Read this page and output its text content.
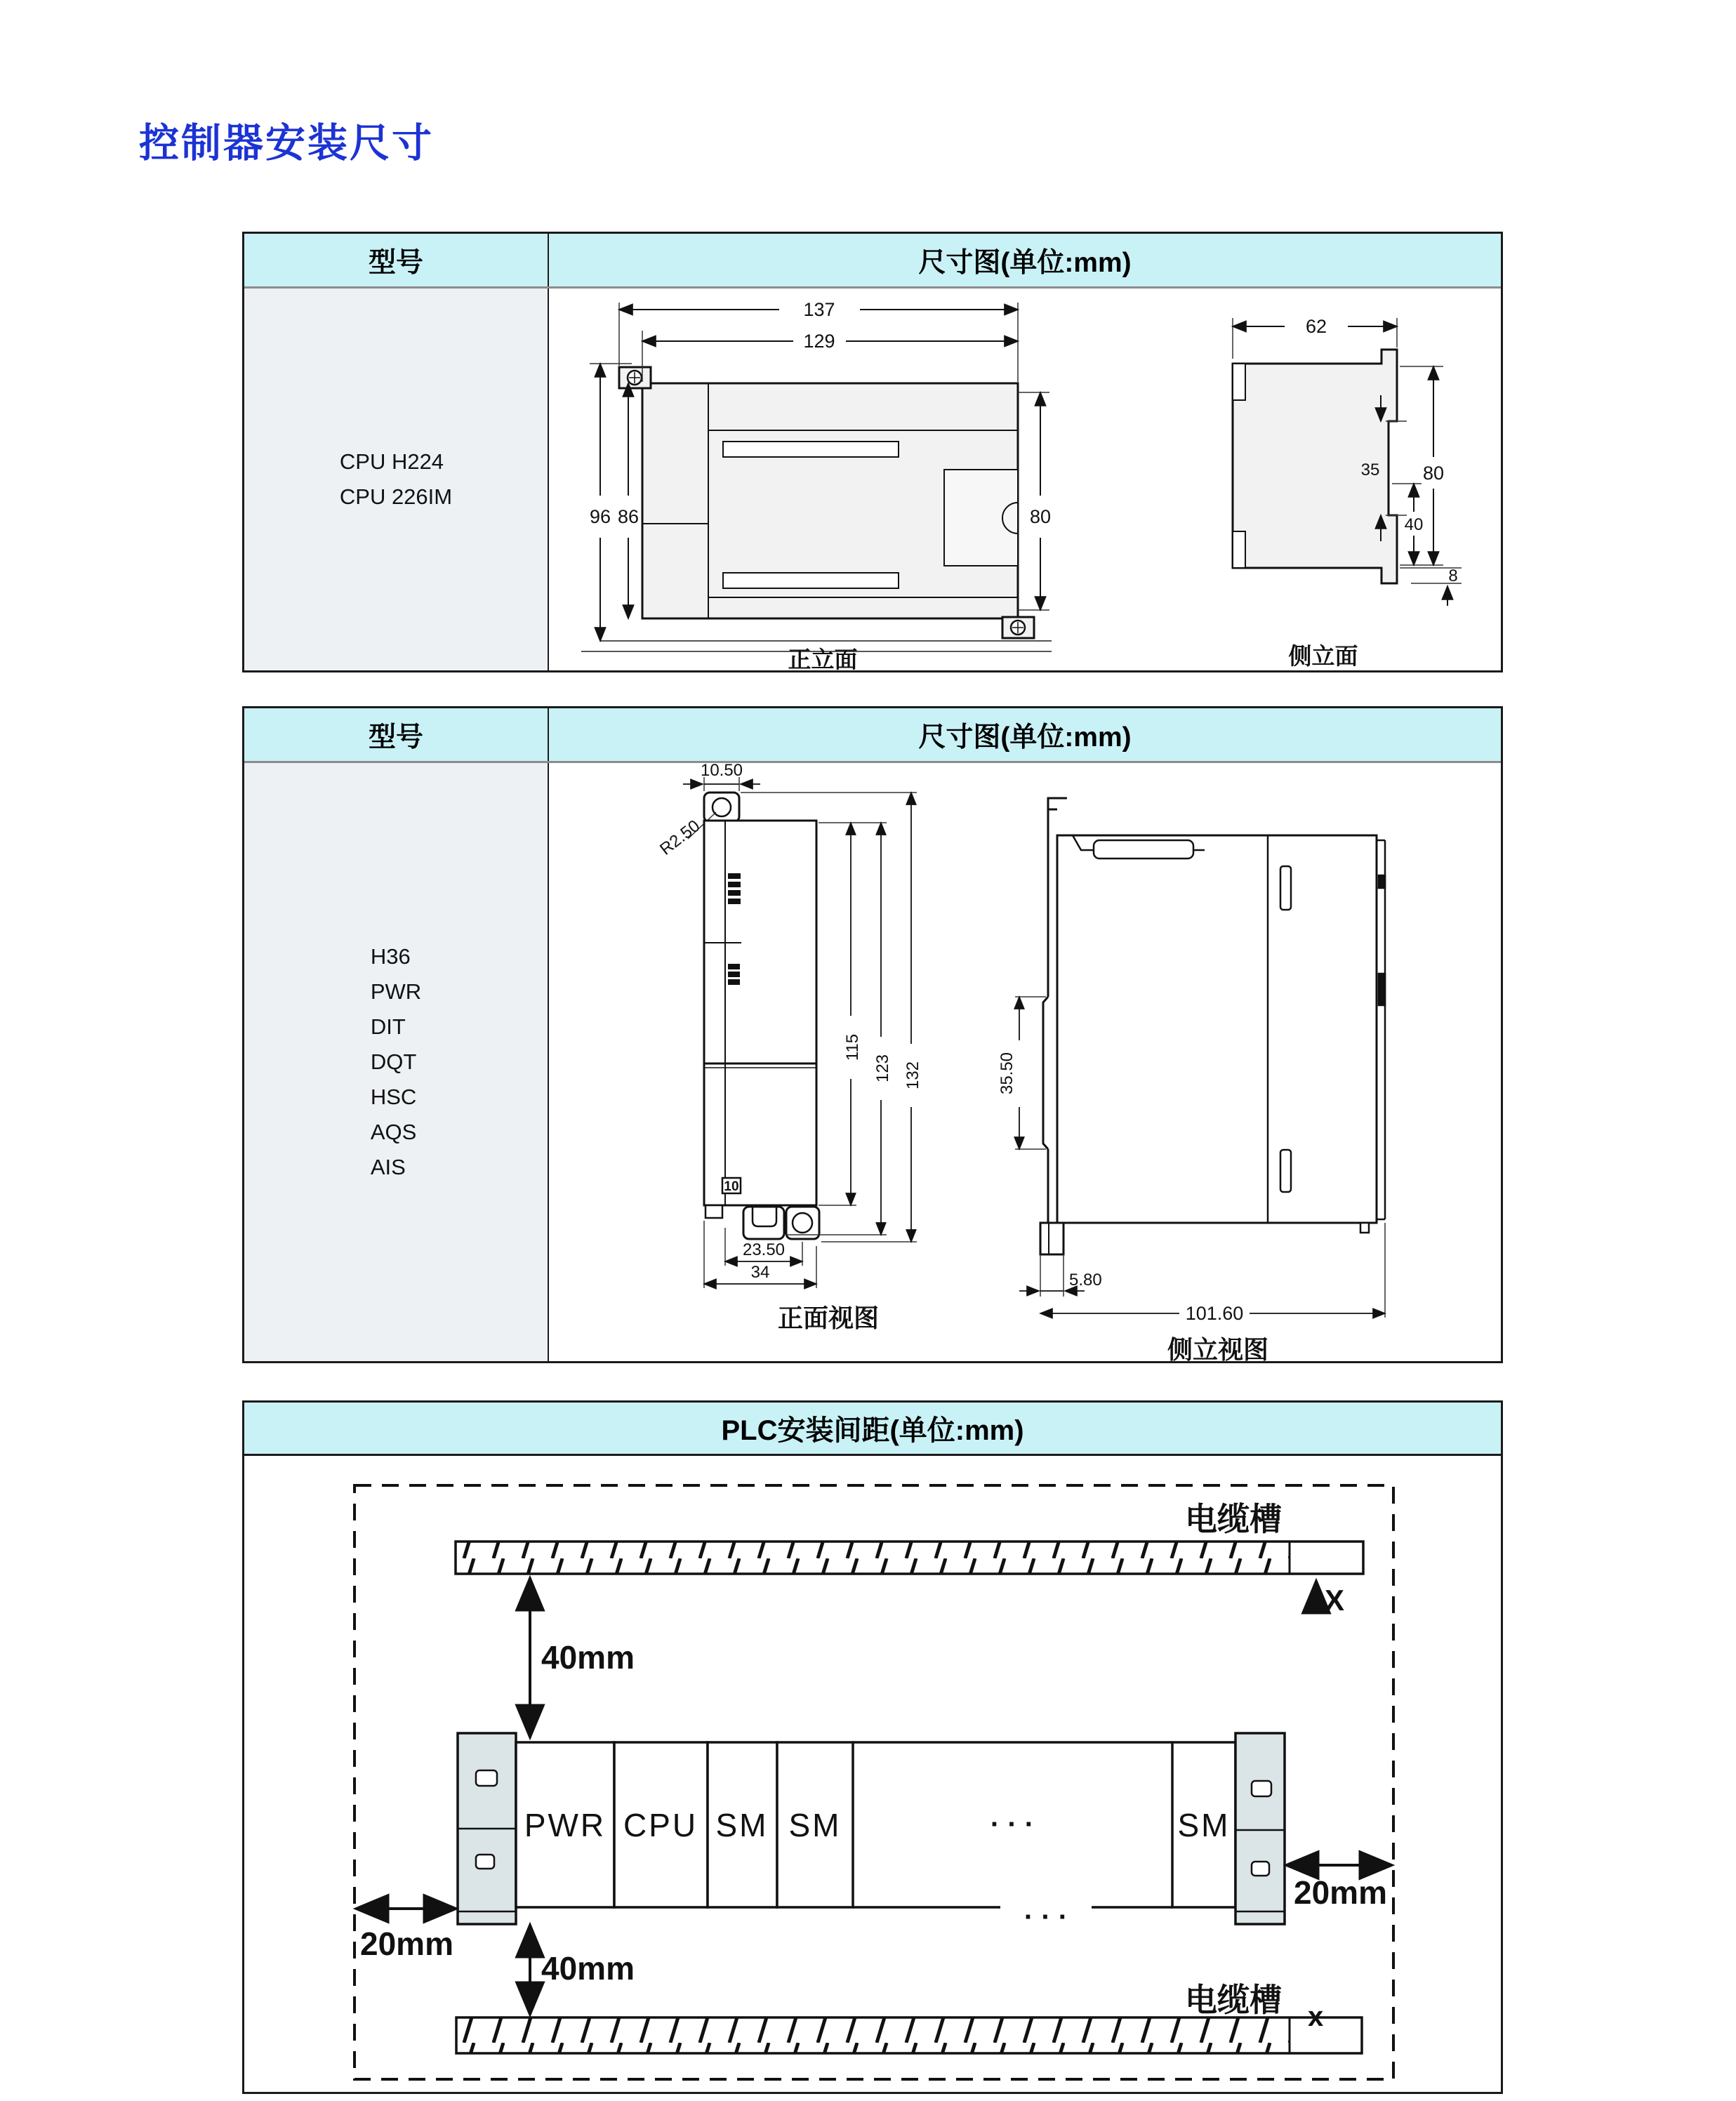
控制器安装尺寸
型号	尺寸图(单位:mm)
CPU H224
CPU 226IM
137
129
96 86	80
正立面
62
35 80
40
8
侧立面
型号	尺寸图(单位:mm)
H36
PWR
DIT
DQT
HSC
AQS
AIS
10
10.50
R2.50
115
123 132
23.50
34
正面视图
35.50
5.80
101.60
侧立视图
PLC安装间距(单位:mm)
电缆槽
X
40mm
PWR CPU SM SM	SM
· · ·
· · ·
20mm
20mm
40mm
电缆槽 x
